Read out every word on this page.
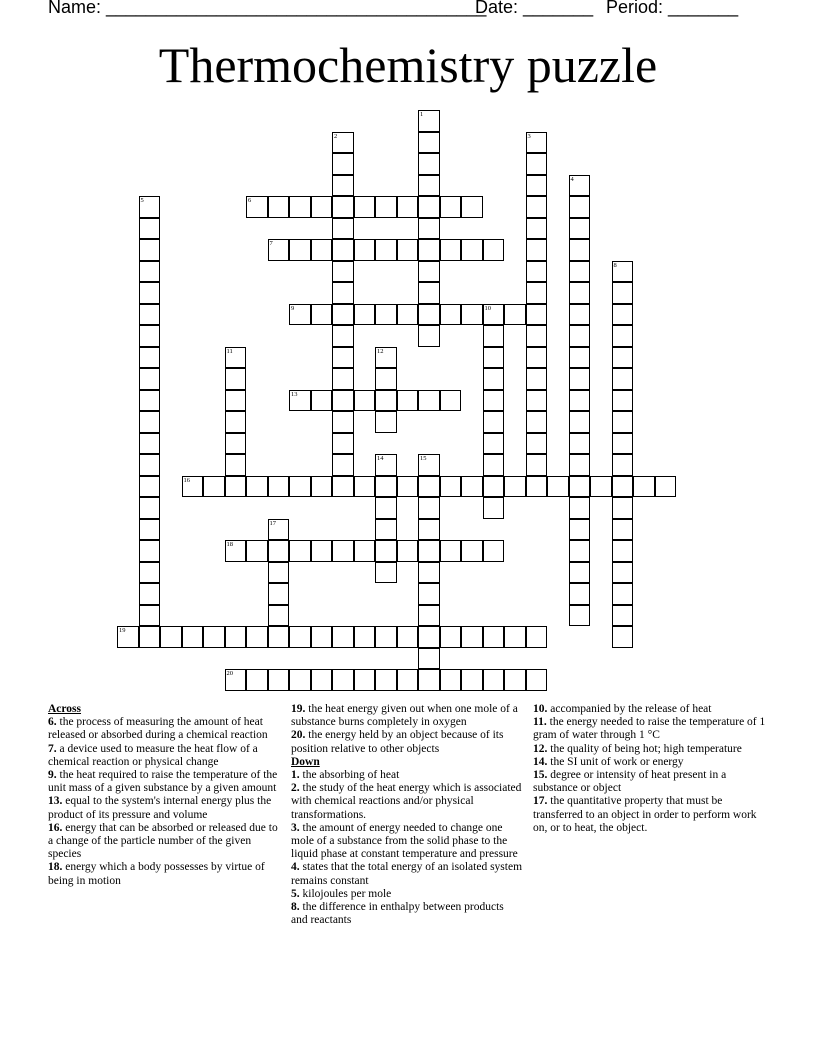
Name: ______________________________________
Date: _______ Period: _______
Thermochemistry puzzle
1
2	3
4
5	6
7
8
9	10
11	12
13
14	15
16
17
18
19
20
Across
6. the process of measuring the amount of heat released or absorbed during a chemical reaction
7. a device used to measure the heat flow of a chemical reaction or physical change
9. the heat required to raise the temperature of the unit mass of a given substance by a given amount
13. equal to the system's internal energy plus the product of its pressure and volume
16. energy that can be absorbed or released due to a change of the particle number of the given species
18. energy which a body possesses by virtue of being in motion
19. the heat energy given out when one mole of a substance burns completely in oxygen
20. the energy held by an object because of its position relative to other objects
Down
1. the absorbing of heat
2. the study of the heat energy which is associated with chemical reactions and/or physical transformations.
3. the amount of energy needed to change one mole of a substance from the solid phase to the liquid phase at constant temperature and pressure
4. states that the total energy of an isolated system remains constant
5. kilojoules per mole
8. the difference in enthalpy between products and reactants
10. accompanied by the release of heat
11. the energy needed to raise the temperature of 1 gram of water through 1 °C
12. the quality of being hot; high temperature
14. the SI unit of work or energy
15. degree or intensity of heat present in a substance or object
17. the quantitative property that must be transferred to an object in order to perform work on, or to heat, the object.
